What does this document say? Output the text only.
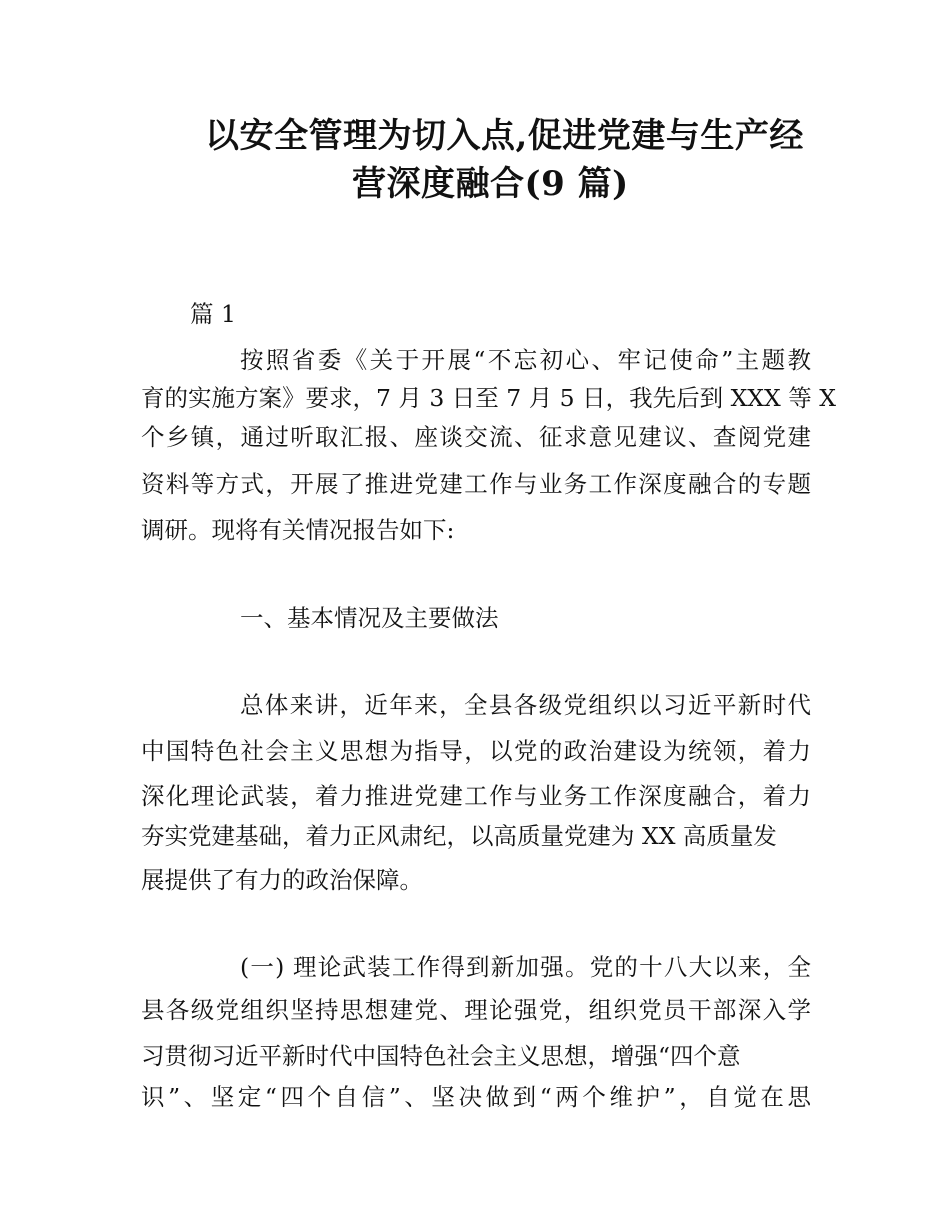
以安全管理为切入点,促进党建与生产经
营深度融合(9 篇)
篇 1
按照省委《关于开展“不忘初心、牢记使命”主题教
育的实施方案》要求，7 月 3 日至 7 月 5 日，我先后到 XXX 等 X
个乡镇，通过听取汇报、座谈交流、征求意见建议、查阅党建
资料等方式，开展了推进党建工作与业务工作深度融合的专题
调研。现将有关情况报告如下:
一、基本情况及主要做法
总体来讲，近年来，全县各级党组织以习近平新时代
中国特色社会主义思想为指导，以党的政治建设为统领，着力
深化理论武装，着力推进党建工作与业务工作深度融合，着力
夯实党建基础，着力正风肃纪，以高质量党建为 XX 高质量发
展提供了有力的政治保障。
(一) 理论武装工作得到新加强。党的十八大以来，全
县各级党组织坚持思想建党、理论强党，组织党员干部深入学
习贯彻习近平新时代中国特色社会主义思想，增强“四个意
识”、坚定“四个自信”、坚决做到“两个维护”，自觉在思
